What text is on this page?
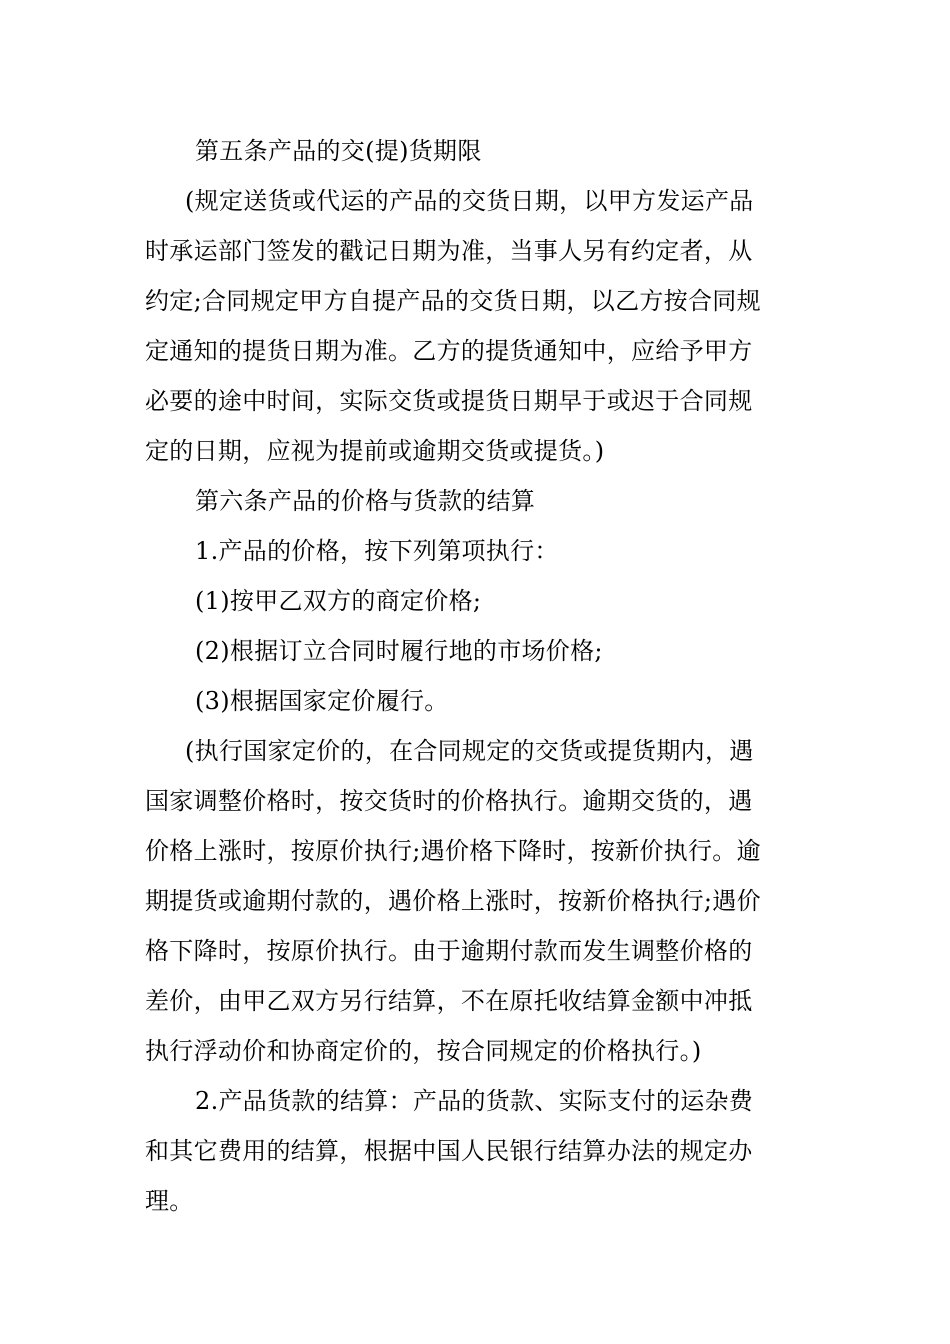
第五条产品的交(提)货期限

(规定送货或代运的产品的交货日期，以甲方发运产品
时承运部门签发的戳记日期为准，当事人另有约定者，从
约定;合同规定甲方自提产品的交货日期，以乙方按合同规
定通知的提货日期为准。乙方的提货通知中，应给予甲方
必要的途中时间，实际交货或提货日期早于或迟于合同规
定的日期，应视为提前或逾期交货或提货。)

第六条产品的价格与货款的结算

1.产品的价格，按下列第项执行：

(1)按甲乙双方的商定价格;

(2)根据订立合同时履行地的市场价格;

(3)根据国家定价履行。

(执行国家定价的，在合同规定的交货或提货期内，遇
国家调整价格时，按交货时的价格执行。逾期交货的，遇
价格上涨时，按原价执行;遇价格下降时，按新价执行。逾
期提货或逾期付款的，遇价格上涨时，按新价格执行;遇价
格下降时，按原价执行。由于逾期付款而发生调整价格的
差价，由甲乙双方另行结算，不在原托收结算金额中冲抵
执行浮动价和协商定价的，按合同规定的价格执行。)

2.产品货款的结算：产品的货款、实际支付的运杂费
和其它费用的结算，根据中国人民银行结算办法的规定办
理。
